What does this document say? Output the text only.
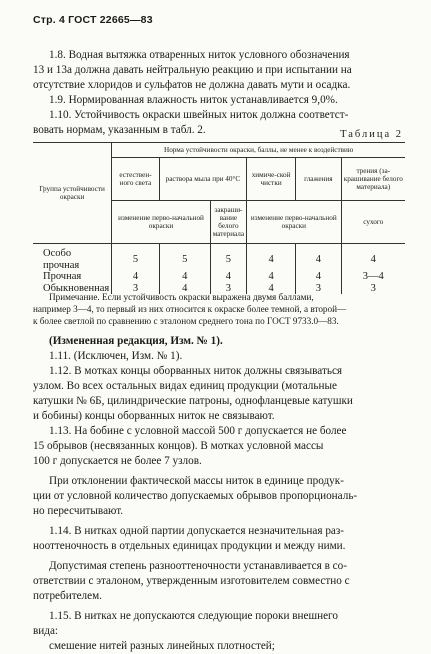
Стр. 4 ГОСТ 22665—83
1.8. Водная вытяжка отваренных ниток условного обозначения
13 и 13а должна давать нейтральную реакцию и при испытании на
отсутствие хлоридов и сульфатов не должна давать мути и осадка.
1.9. Нормированная влажность ниток устанавливается 9,0%.
1.10. Устойчивость окраски швейных ниток должна соответст-
вовать нормам, указанным в табл. 2.	Таблица 2
Группа устойчивости окраски	Норма устойчивости окраски, баллы, не менее к воздействию					
	естествен-ного света	раствора мыла при 40°C		химиче-ской чистки	глажения	трения (за-крашивание белого материала)
	изменение перво-начальной окраски		закраши-вание белого материала	изменение перво-начальной окраски		сухого
Особо прочная	5	5	5	4	4	4
Прочная	4	4	4	4	4	3—4
Обыкновенная	3	4	3	4	3	3
Примечание. Если устойчивость окраски выражена двумя баллами,
например 3—4, то первый из них относится к окраске более темной, а второй—
к более светлой по сравнению с эталоном среднего тона по ГОСТ 9733.0—83.
(Измененная редакция, Изм. № 1).
1.11. (Исключен, Изм. № 1).
1.12. В мотках концы оборванных ниток должны связываться
узлом. Во всех остальных видах единиц продукции (мотальные
катушки № 6Б, цилиндрические патроны, однофланцевые катушки
и бобины) концы оборванных ниток не связывают.
1.13. На бобине с условной массой 500 г допускается не более
15 обрывов (несвязанных концов). В мотках условной массы
100 г допускается не более 7 узлов.
При отклонении фактической массы ниток в единице продук-
ции от условной количество допускаемых обрывов пропорциональ-
но пересчитывают.
1.14. В нитках одной партии допускается незначительная раз-
нооттеночность в отдельных единицах продукции и между ними.
Допустимая степень разнооттеночности устанавливается в со-
ответствии с эталоном, утвержденным изготовителем совместно с
потребителем.
1.15. В нитках не допускаются следующие пороки внешнего
вида:
смешение нитей разных линейных плотностей;
